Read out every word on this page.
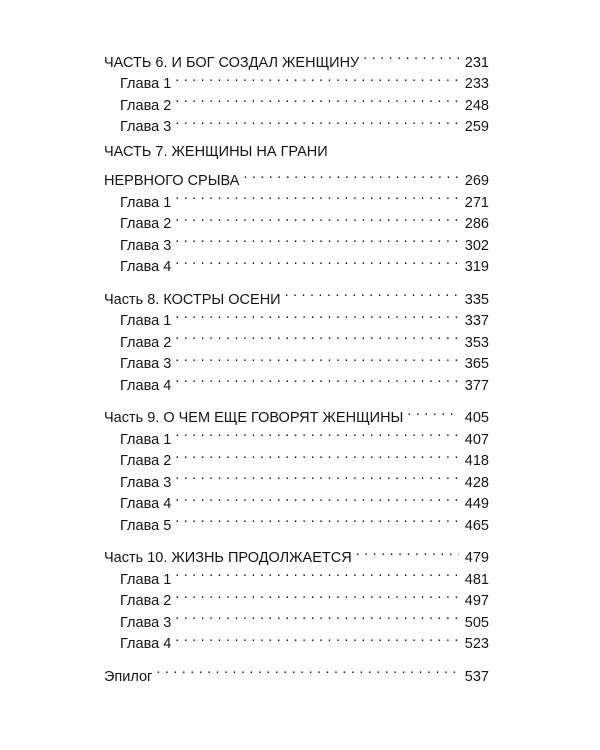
ЧАСТЬ 6. И БОГ СОЗДАЛ ЖЕНЩИНУ . . .	231
Глава 1 . . .	233
Глава 2 . . .	248
Глава 3 . . .	259
ЧАСТЬ 7. ЖЕНЩИНЫ НА ГРАНИ
НЕРВНОГО СРЫВА . . .	269
Глава 1 . . .	271
Глава 2 . . .	286
Глава 3 . . .	302
Глава 4 . . .	319
Часть 8. КОСТРЫ ОСЕНИ . . .	335
Глава 1 . . .	337
Глава 2 . . .	353
Глава 3 . . .	365
Глава 4 . . .	377
Часть 9. О ЧЕМ ЕЩЕ ГОВОРЯТ ЖЕНЩИНЫ . . .	405
Глава 1 . . .	407
Глава 2 . . .	418
Глава 3 . . .	428
Глава 4 . . .	449
Глава 5 . . .	465
Часть 10. ЖИЗНЬ ПРОДОЛЖАЕТСЯ . . .	479
Глава 1 . . .	481
Глава 2 . . .	497
Глава 3 . . .	505
Глава 4 . . .	523
Эпилог . . .	537
